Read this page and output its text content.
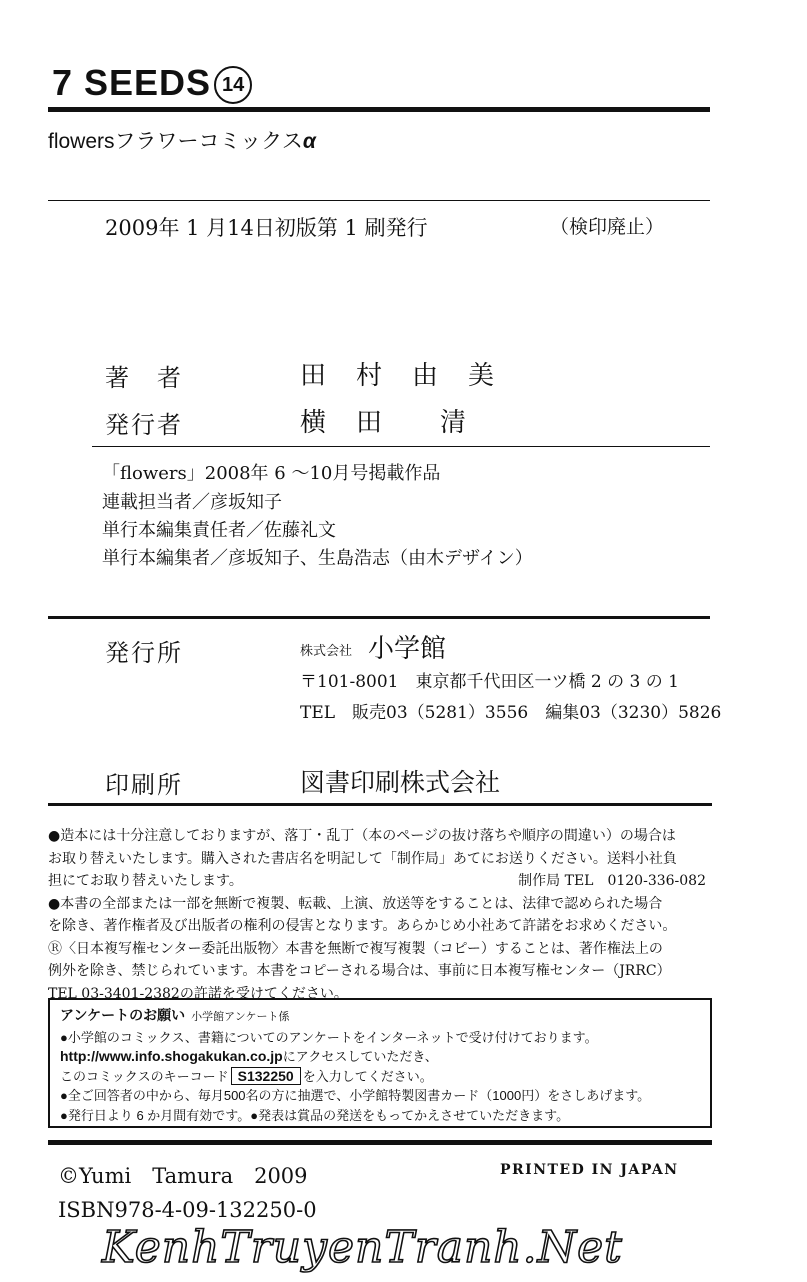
7 SEEDS 14
flowersフラワーコミックスα
2009年 1 月14日初版第 1 刷発行	（検印廃止）
著　者	田　村　由　美
発行者	横　田　　清
「flowers」2008年 6 ～10月号掲載作品
連載担当者／彦坂知子
単行本編集責任者／佐藤礼文
単行本編集者／彦坂知子、生島浩志（由木デザイン）
発行所	株式会社 小学館
〒101-8001　東京都千代田区一ツ橋 2 の 3 の 1
TEL　販売03（5281）3556　編集03（3230）5826
印刷所	図書印刷株式会社
●造本には十分注意しておりますが、落丁・乱丁（本のページの抜け落ちや順序の間違い）の場合は
お取り替えいたします。購入された書店名を明記して「制作局」あてにお送りください。送料小社負
担にてお取り替えいたします。	制作局 TEL　0120-336-082
●本書の全部または一部を無断で複製、転載、上演、放送等をすることは、法律で認められた場合
を除き、著作権者及び出版者の権利の侵害となります。あらかじめ小社あて許諾をお求めください。
Ⓡ〈日本複写権センター委託出版物〉本書を無断で複写複製（コピー）することは、著作権法上の
例外を除き、禁じられています。本書をコピーされる場合は、事前に日本複写権センター（JRRC）
TEL 03-3401-2382の許諾を受けてください。
アンケートのお願い 小学館アンケート係
●小学館のコミックス、書籍についてのアンケートをインターネットで受け付けております。
http://www.info.shogakukan.co.jpにアクセスしていただき、
このコミックスのキーコード S132250 を入力してください。
●全ご回答者の中から、毎月500名の方に抽選で、小学館特製図書カード（1000円）をさしあげます。
●発行日より 6 か月間有効です。●発表は賞品の発送をもってかえさせていただきます。
©Yumi　Tamura　2009	PRINTED IN JAPAN
ISBN978-4-09-132250-0
KenhTruyenTranh.Net
